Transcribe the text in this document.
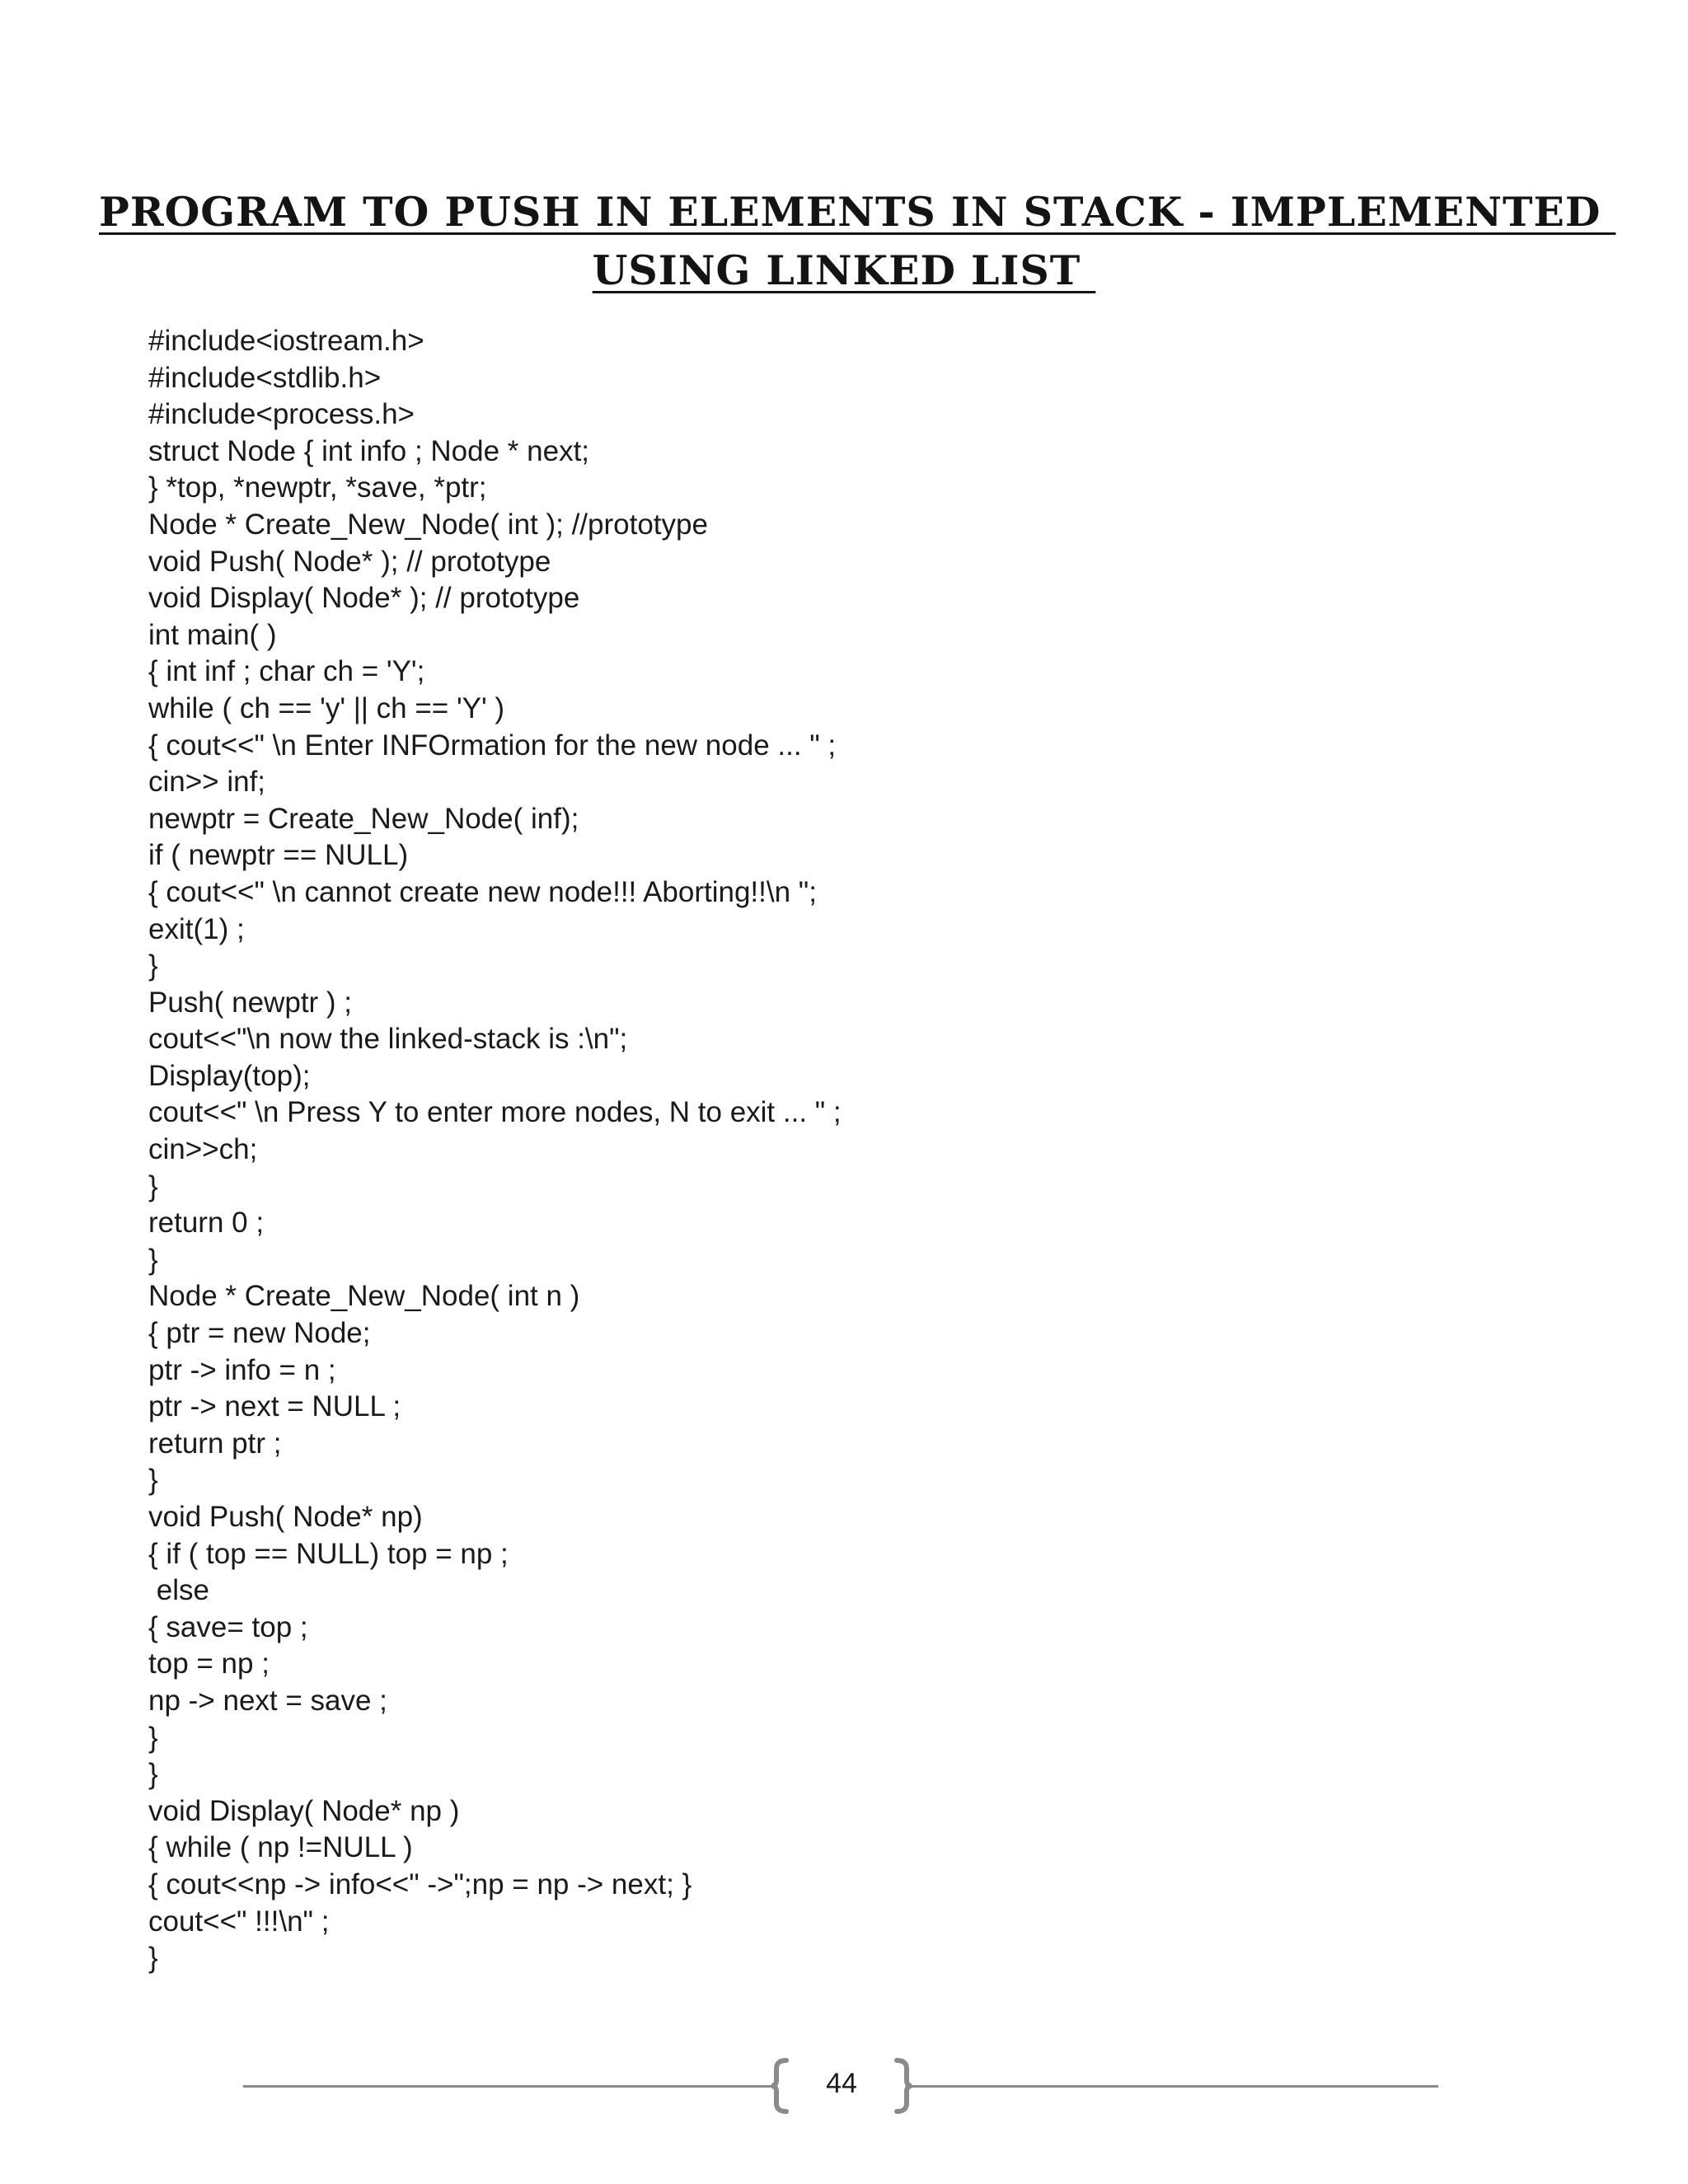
PROGRAM TO PUSH IN ELEMENTS IN STACK - IMPLEMENTED
USING LINKED LIST
#include<iostream.h>
#include<stdlib.h>
#include<process.h>
struct Node { int info ; Node * next;
} *top, *newptr, *save, *ptr;
Node * Create_New_Node( int ); //prototype
void Push( Node* ); // prototype
void Display( Node* ); // prototype
int main( )
{ int inf ; char ch = 'Y';
while ( ch == 'y' || ch == 'Y' )
{ cout<<" \n Enter INFOrmation for the new node ... " ;
cin>> inf;
newptr = Create_New_Node( inf);
if ( newptr == NULL)
{ cout<<" \n cannot create new node!!! Aborting!!\n ";
exit(1) ;
}
Push( newptr ) ;
cout<<"\n now the linked-stack is :\n";
Display(top);
cout<<" \n Press Y to enter more nodes, N to exit ... " ;
cin>>ch;
}
return 0 ;
}
Node * Create_New_Node( int n )
{ ptr = new Node;
ptr -> info = n ;
ptr -> next = NULL ;
return ptr ;
}
void Push( Node* np)
{ if ( top == NULL) top = np ;
else
{ save= top ;
top = np ;
np -> next = save ;
}
}
void Display( Node* np )
{ while ( np !=NULL )
{ cout<<np -> info<<" ->";np = np -> next; }
cout<<" !!!\n" ;
}
44
